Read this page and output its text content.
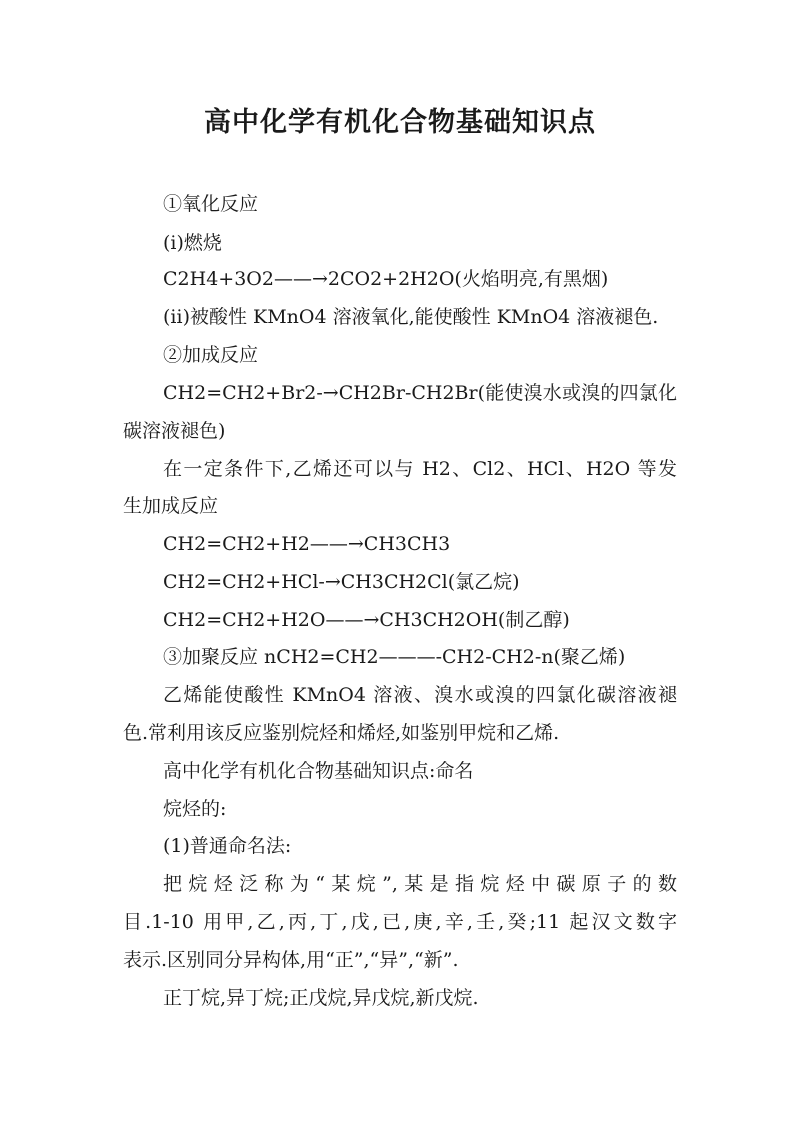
高中化学有机化合物基础知识点
①氧化反应
(ⅰ)燃烧
C2H4+3O2——→2CO2+2H2O(火焰明亮,有黑烟)
(ⅱ)被酸性 KMnO4 溶液氧化,能使酸性 KMnO4 溶液褪色.
②加成反应
CH2=CH2+Br2-→CH2Br-CH2Br(能使溴水或溴的四氯化
碳溶液褪色)
在一定条件下,乙烯还可以与 H2、Cl2、HCl、H2O 等发
生加成反应
CH2=CH2+H2——→CH3CH3
CH2=CH2+HCl-→CH3CH2Cl(氯乙烷)
CH2=CH2+H2O——→CH3CH2OH(制乙醇)
③加聚反应 nCH2=CH2———-CH2-CH2-n(聚乙烯)
乙烯能使酸性 KMnO4 溶液、溴水或溴的四氯化碳溶液褪
色.常利用该反应鉴别烷烃和烯烃,如鉴别甲烷和乙烯.
高中化学有机化合物基础知识点:命名
烷烃的:
(1)普通命名法:
把烷烃泛称为“某烷”,某是指烷烃中碳原子的数
目.1-10 用甲,乙,丙,丁,戊,已,庚,辛,壬,癸;11 起汉文数字
表示.区别同分异构体,用“正”,“异”,“新”.
正丁烷,异丁烷;正戊烷,异戊烷,新戊烷.
